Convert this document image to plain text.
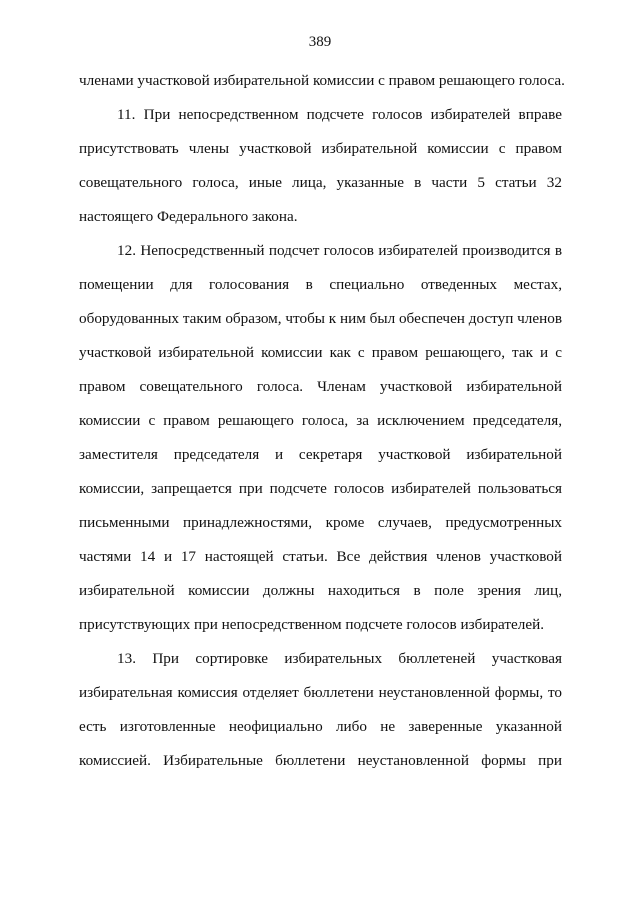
389
членами участковой избирательной комиссии с правом решающего голоса.
11. При непосредственном подсчете голосов избирателей вправе
присутствовать члены участковой избирательной комиссии с правом
совещательного голоса, иные лица, указанные в части 5 статьи 32
настоящего Федерального закона.
12. Непосредственный подсчет голосов избирателей производится в
помещении для голосования в специально отведенных местах,
оборудованных таким образом, чтобы к ним был обеспечен доступ членов
участковой избирательной комиссии как с правом решающего, так и с
правом совещательного голоса. Членам участковой избирательной
комиссии с правом решающего голоса, за исключением председателя,
заместителя председателя и секретаря участковой избирательной
комиссии, запрещается при подсчете голосов избирателей пользоваться
письменными принадлежностями, кроме случаев, предусмотренных
частями 14 и 17 настоящей статьи. Все действия членов участковой
избирательной комиссии должны находиться в поле зрения лиц,
присутствующих при непосредственном подсчете голосов избирателей.
13. При сортировке избирательных бюллетеней участковая
избирательная комиссия отделяет бюллетени неустановленной формы, то
есть изготовленные неофициально либо не заверенные указанной
комиссией. Избирательные бюллетени неустановленной формы при
